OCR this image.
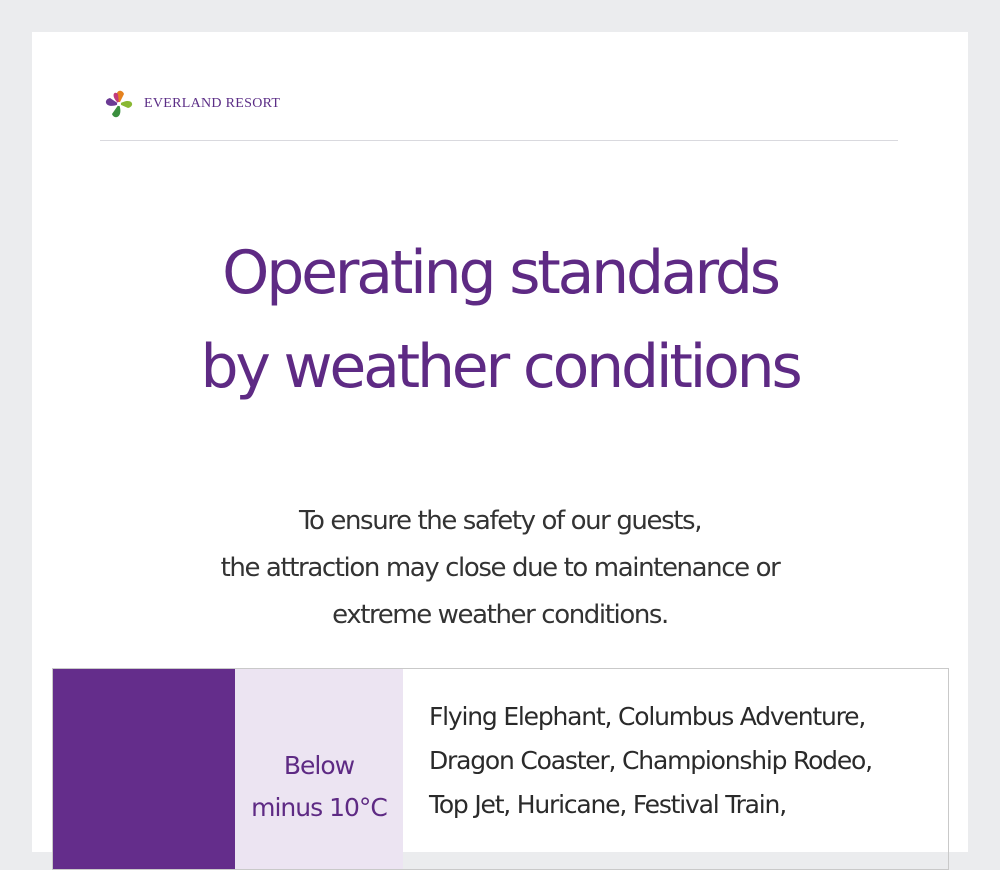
EVERLAND RESORT
Operating standards
by weather conditions
To ensure the safety of our guests,
the attraction may close due to maintenance or
extreme weather conditions.
Below
minus 10°C
Flying Elephant, Columbus Adventure,
Dragon Coaster, Championship Rodeo,
Top Jet, Huricane, Festival Train,
